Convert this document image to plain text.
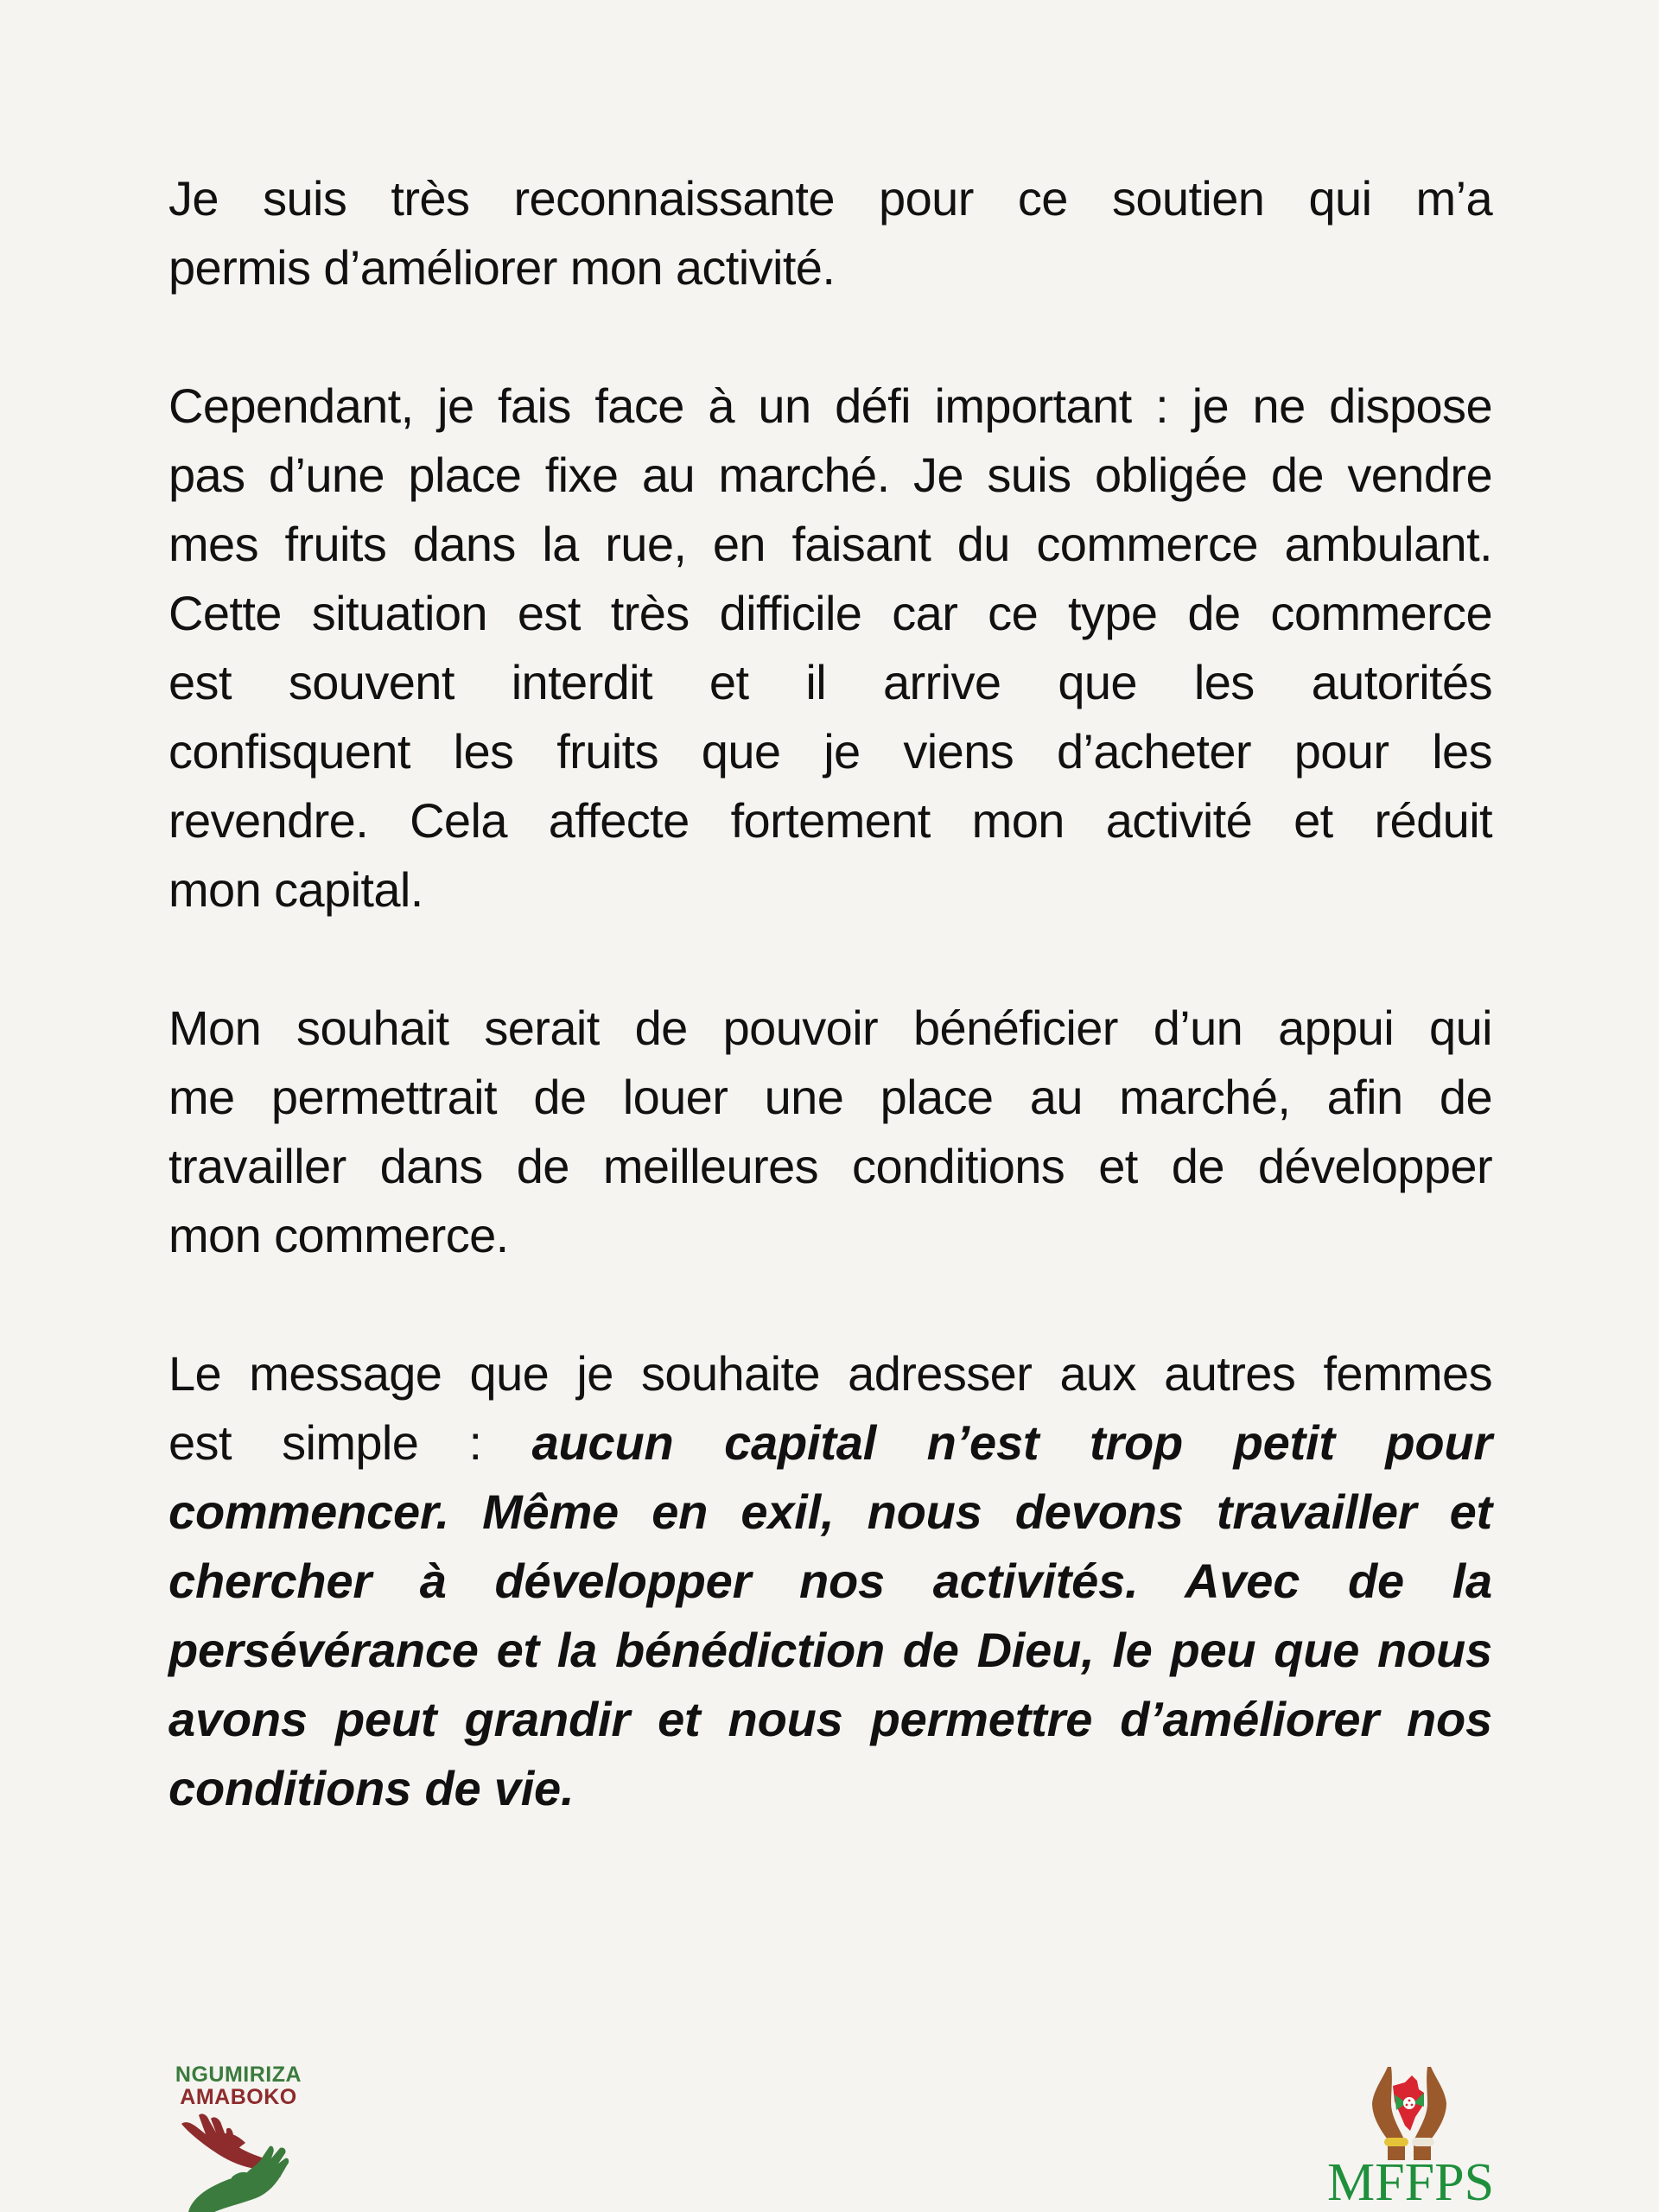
Je suis très reconnaissante pour ce soutien qui m’a
permis d’améliorer mon activité.
Cependant, je fais face à un défi important : je ne dispose
pas d’une place fixe au marché. Je suis obligée de vendre
mes fruits dans la rue, en faisant du commerce ambulant.
Cette situation est très difficile car ce type de commerce
est souvent interdit et il arrive que les autorités
confisquent les fruits que je viens d’acheter pour les
revendre. Cela affecte fortement mon activité et réduit
mon capital.
Mon souhait serait de pouvoir bénéficier d’un appui qui
me permettrait de louer une place au marché, afin de
travailler dans de meilleures conditions et de développer
mon commerce.
Le message que je souhaite adresser aux autres femmes
est simple : aucun capital n’est trop petit pour
commencer. Même en exil, nous devons travailler et
chercher à développer nos activités. Avec de la
persévérance et la bénédiction de Dieu, le peu que nous
avons peut grandir et nous permettre d’améliorer nos
conditions de vie.
NGUMIRIZA
AMABOKO
MFFPS
